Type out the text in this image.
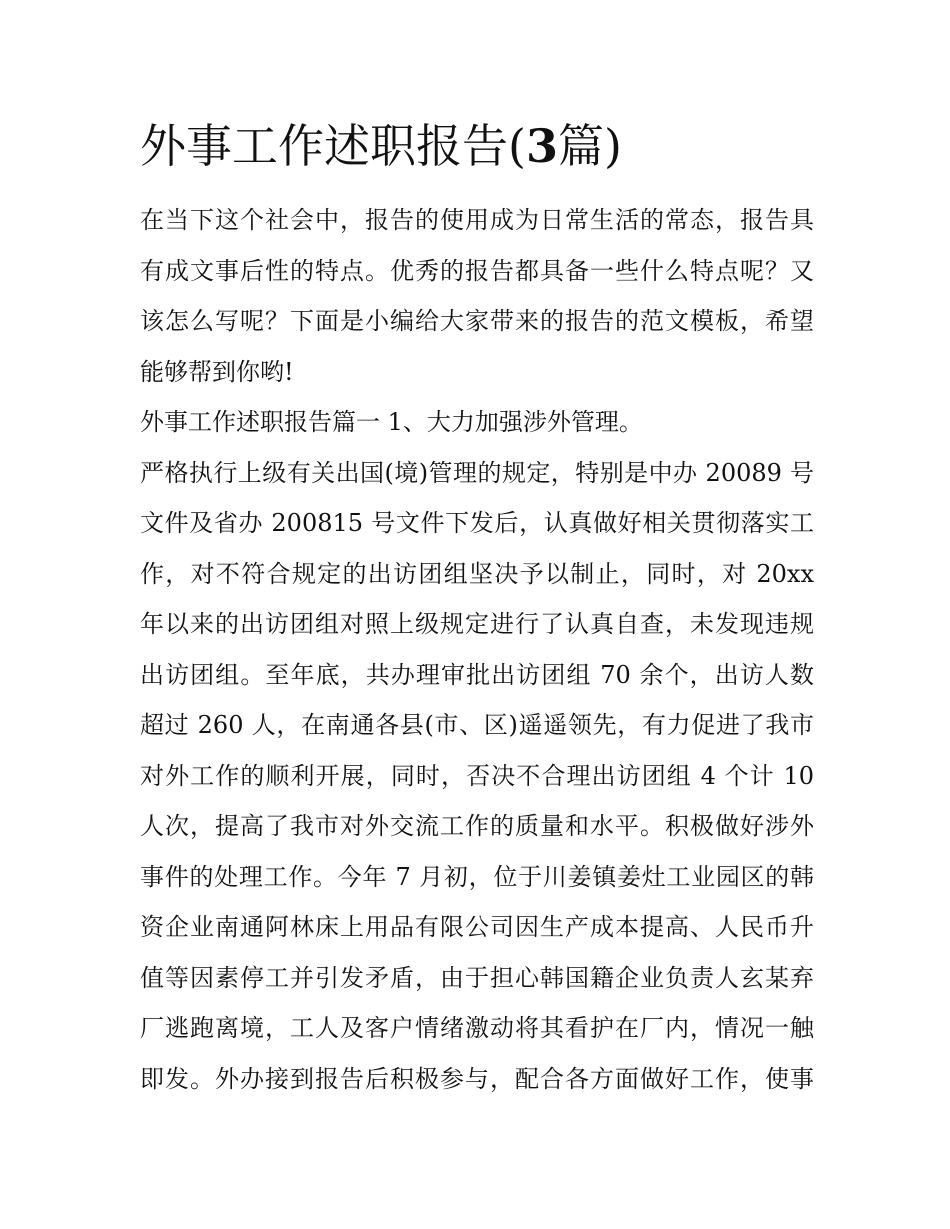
外事工作述职报告(3篇)

在当下这个社会中，报告的使用成为日常生活的常态，报告具
有成文事后性的特点。优秀的报告都具备一些什么特点呢？又
该怎么写呢？下面是小编给大家带来的报告的范文模板，希望
能够帮到你哟!

外事工作述职报告篇一 1、大力加强涉外管理。

严格执行上级有关出国(境)管理的规定，特别是中办 20089 号
文件及省办 200815 号文件下发后，认真做好相关贯彻落实工
作，对不符合规定的出访团组坚决予以制止，同时，对 20xx
年以来的出访团组对照上级规定进行了认真自查，未发现违规
出访团组。至年底，共办理审批出访团组 70 余个，出访人数
超过 260 人，在南通各县(市、区)遥遥领先，有力促进了我市
对外工作的顺利开展，同时，否决不合理出访团组 4 个计 10
人次，提高了我市对外交流工作的质量和水平。积极做好涉外
事件的处理工作。今年 7 月初，位于川姜镇姜灶工业园区的韩
资企业南通阿林床上用品有限公司因生产成本提高、人民币升
值等因素停工并引发矛盾，由于担心韩国籍企业负责人玄某弃
厂逃跑离境，工人及客户情绪激动将其看护在厂内，情况一触
即发。外办接到报告后积极参与，配合各方面做好工作，使事
